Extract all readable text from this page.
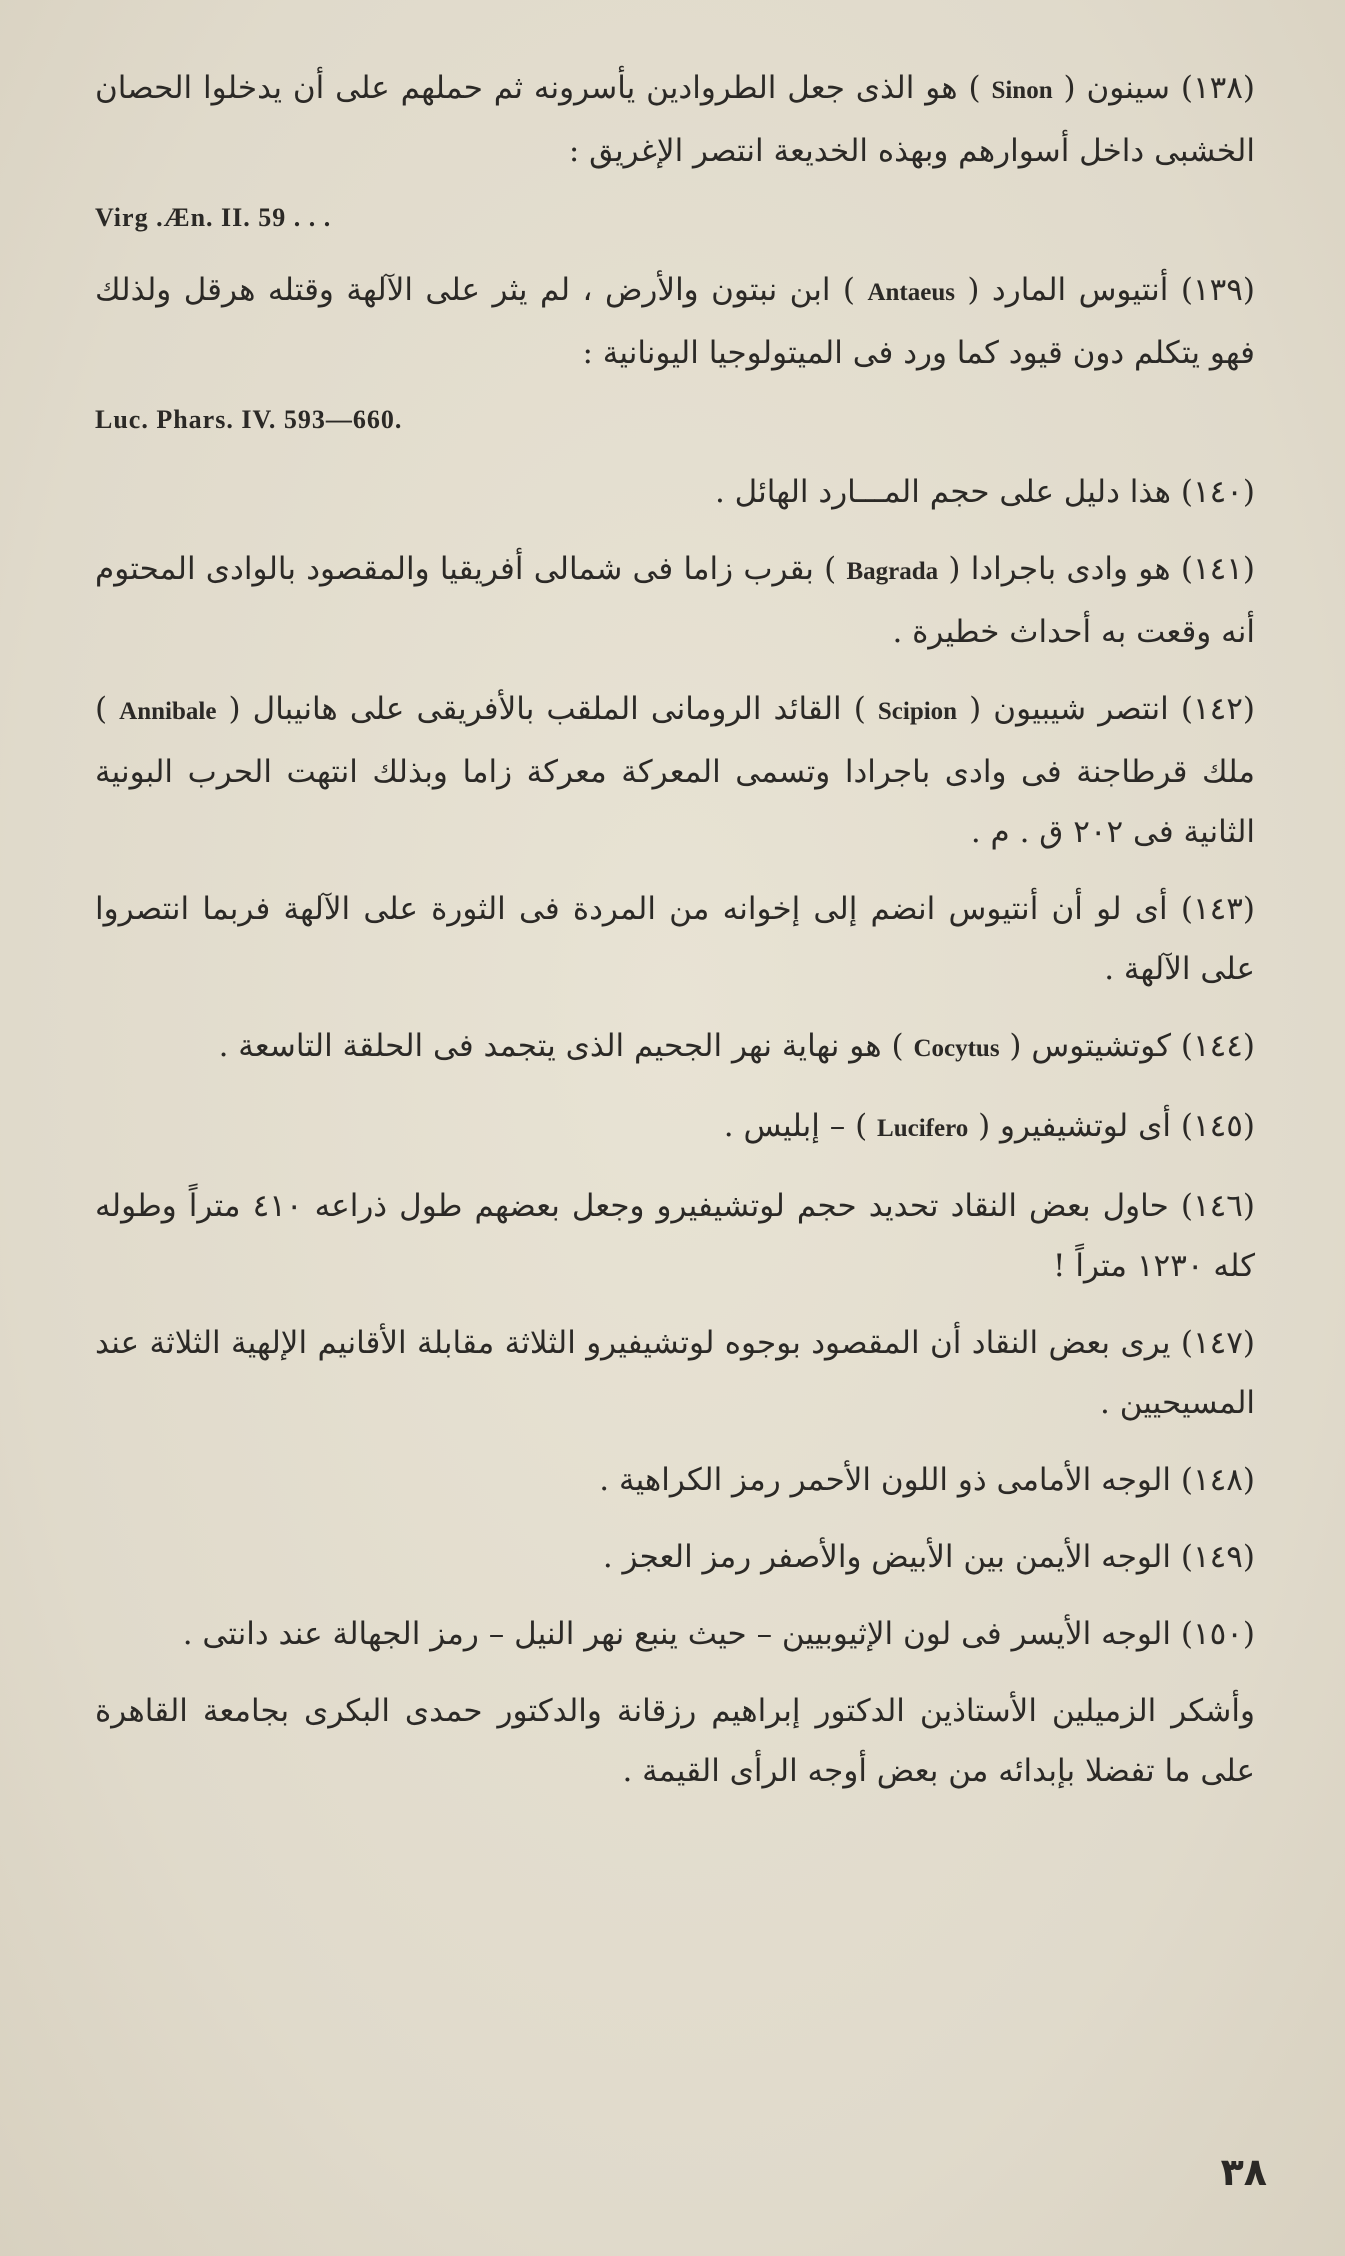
(١٣٨) سينون ( Sinon ) هو الذى جعل الطروادين يأسرونه ثم حملهم على أن يدخلوا الحصان الخشبى داخل أسوارهم وبهذه الخديعة انتصر الإغريق :

Virg .Æn. II. 59 . . .

(١٣٩) أنتيوس المارد ( Antaeus ) ابن نبتون والأرض ، لم يثر على الآلهة وقتله هرقل ولذلك فهو يتكلم دون قيود كما ورد فى الميتولوجيا اليونانية :

Luc. Phars. IV. 593—660.

(١٤٠) هذا دليل على حجم المـــارد الهائل .

(١٤١) هو وادى باجرادا ( Bagrada ) بقرب زاما فى شمالى أفريقيا والمقصود بالوادى المحتوم أنه وقعت به أحداث خطيرة .

(١٤٢) انتصر شيبيون ( Scipion ) القائد الرومانى الملقب بالأفريقى على هانيبال ( Annibale ) ملك قرطاجنة فى وادى باجرادا وتسمى المعركة معركة زاما وبذلك انتهت الحرب البونية الثانية فى ٢٠٢ ق . م .

(١٤٣) أى لو أن أنتيوس انضم إلى إخوانه من المردة فى الثورة على الآلهة فربما انتصروا على الآلهة .

(١٤٤) كوتشيتوس ( Cocytus ) هو نهاية نهر الجحيم الذى يتجمد فى الحلقة التاسعة .

(١٤٥) أى لوتشيفيرو ( Lucifero ) – إبليس .

(١٤٦) حاول بعض النقاد تحديد حجم لوتشيفيرو وجعل بعضهم طول ذراعه ٤١٠ متراً وطوله كله ١٢٣٠ متراً !

(١٤٧) يرى بعض النقاد أن المقصود بوجوه لوتشيفيرو الثلاثة مقابلة الأقانيم الإلهية الثلاثة عند المسيحيين .

(١٤٨) الوجه الأمامى ذو اللون الأحمر رمز الكراهية .

(١٤٩) الوجه الأيمن بين الأبيض والأصفر رمز العجز .

(١٥٠) الوجه الأيسر فى لون الإثيوبيين – حيث ينبع نهر النيل – رمز الجهالة عند دانتى .

وأشكر الزميلين الأستاذين الدكتور إبراهيم رزقانة والدكتور حمدى البكرى بجامعة القاهرة على ما تفضلا بإبدائه من بعض أوجه الرأى القيمة .

٣٨
